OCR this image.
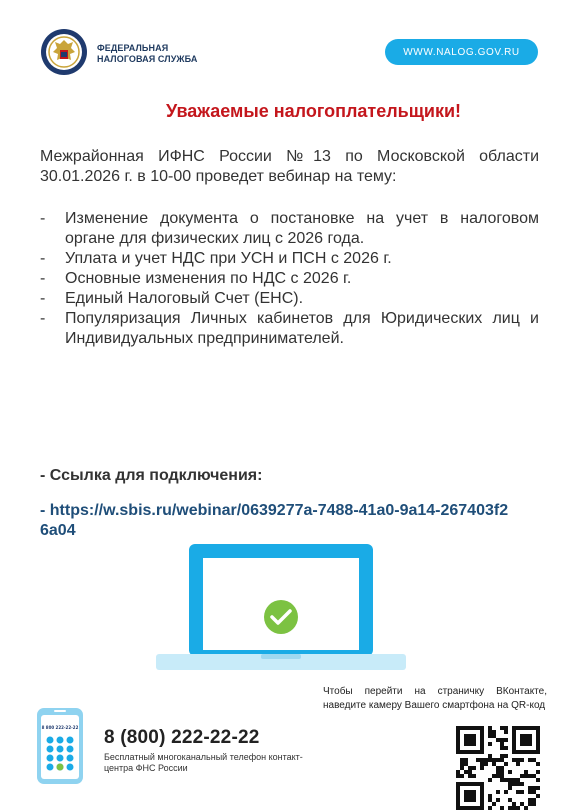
ФЕДЕРАЛЬНАЯ
НАЛОГОВАЯ СЛУЖБА
WWW.NALOG.GOV.RU
Уважаемые налогоплательщики!
Межрайонная ИФНС России №13 по Московской области 30.01.2026 г. в 10-00 проведет вебинар на тему:
- Изменение документа о постановке на учет в налоговом органе для физических лиц с 2026 года.
- Уплата и учет НДС при УСН и ПСН с 2026 г.
- Основные изменения по НДС с 2026 г.
- Единый Налоговый Счет (ЕНС).
- Популяризация Личных кабинетов для Юридических лиц и Индивидуальных предпринимателей.
- Ссылка для подключения:
- https://w.sbis.ru/webinar/0639277a-7488-41a0-9a14-267403f26a04
Чтобы перейти на страничку ВКонтакте, наведите камеру Вашего смартфона на QR-код
8 800 222-22-22 8 (800) 222-22-22
Бесплатный многоканальный телефон контакт-центра ФНС России
